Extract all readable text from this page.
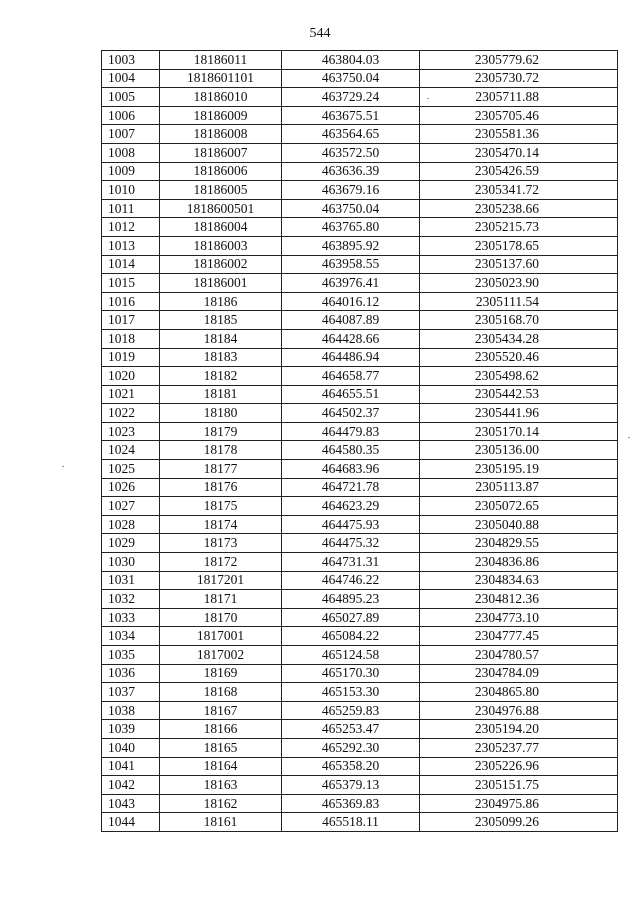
544
1003	18186011	463804.03	2305779.62
1004	1818601101	463750.04	2305730.72
1005	18186010	463729.24	2305711.88
1006	18186009	463675.51	2305705.46
1007	18186008	463564.65	2305581.36
1008	18186007	463572.50	2305470.14
1009	18186006	463636.39	2305426.59
1010	18186005	463679.16	2305341.72
1011	1818600501	463750.04	2305238.66
1012	18186004	463765.80	2305215.73
1013	18186003	463895.92	2305178.65
1014	18186002	463958.55	2305137.60
1015	18186001	463976.41	2305023.90
1016	18186	464016.12	2305111.54
1017	18185	464087.89	2305168.70
1018	18184	464428.66	2305434.28
1019	18183	464486.94	2305520.46
1020	18182	464658.77	2305498.62
1021	18181	464655.51	2305442.53
1022	18180	464502.37	2305441.96
1023	18179	464479.83	2305170.14
1024	18178	464580.35	2305136.00
1025	18177	464683.96	2305195.19
1026	18176	464721.78	2305113.87
1027	18175	464623.29	2305072.65
1028	18174	464475.93	2305040.88
1029	18173	464475.32	2304829.55
1030	18172	464731.31	2304836.86
1031	1817201	464746.22	2304834.63
1032	18171	464895.23	2304812.36
1033	18170	465027.89	2304773.10
1034	1817001	465084.22	2304777.45
1035	1817002	465124.58	2304780.57
1036	18169	465170.30	2304784.09
1037	18168	465153.30	2304865.80
1038	18167	465259.83	2304976.88
1039	18166	465253.47	2305194.20
1040	18165	465292.30	2305237.77
1041	18164	465358.20	2305226.96
1042	18163	465379.13	2305151.75
1043	18162	465369.83	2304975.86
1044	18161	465518.11	2305099.26
